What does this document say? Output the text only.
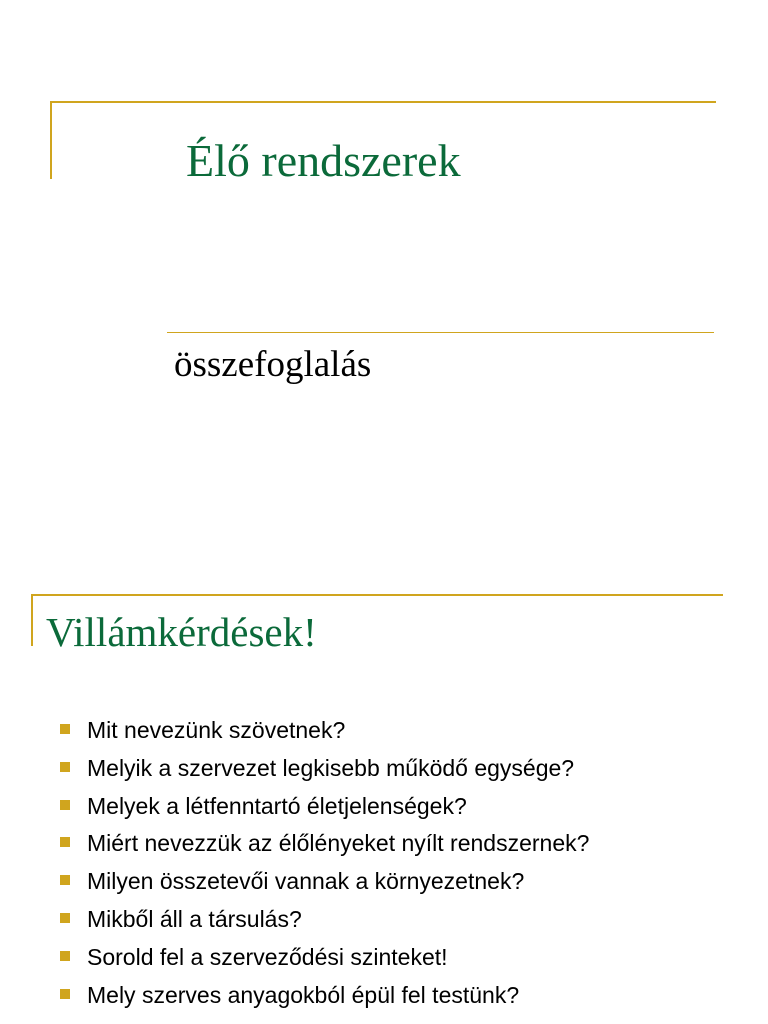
Élő rendszerek
összefoglalás
Villámkérdések!
Mit nevezünk szövetnek?
Melyik a szervezet legkisebb működő egysége?
Melyek a létfenntartó életjelenségek?
Miért nevezzük az élőlényeket nyílt rendszernek?
Milyen összetevői vannak a környezetnek?
Mikből áll a társulás?
Sorold fel a szerveződési szinteket!
Mely szerves anyagokból épül fel testünk?
